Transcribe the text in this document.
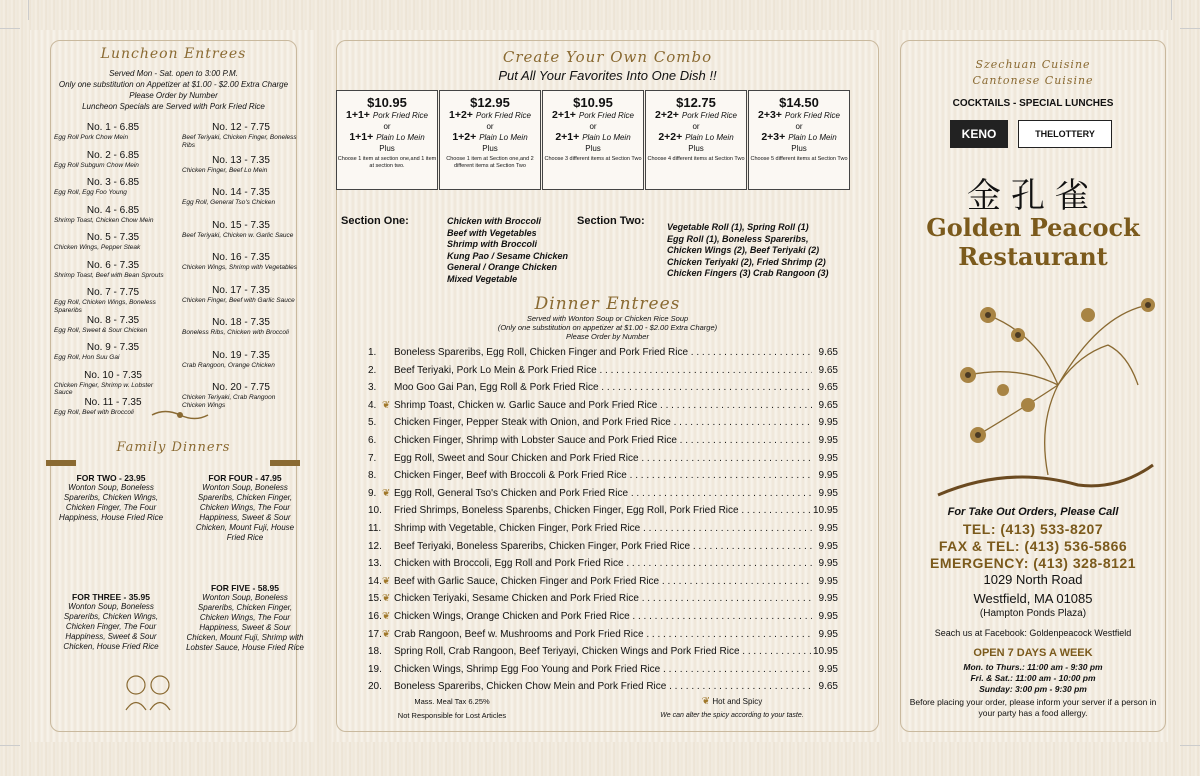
Luncheon Entrees
Served Mon - Sat. open to 3:00 P.M.
Only one substitution on Appetizer at $1.00 - $2.00 Extra Charge
Please Order by Number
Luncheon Specials are Served with Pork Fried Rice
No. 1 - 6.85
Egg Roll Pork Chow Mein
No. 2 - 6.85
Egg Roll Subgum Chow Mein
No. 3 - 6.85
Egg Roll, Egg Foo Young
No. 4 - 6.85
Shrimp Toast, Chicken Chow Mein
No. 5 - 7.35
Chicken Wings, Pepper Steak
No. 6 - 7.35
Shrimp Toast, Beef with Bean Sprouts
No. 7 - 7.75
Egg Roll, Chicken Wings, Boneless Spareribs
No. 8 - 7.35
Egg Roll, Sweet & Sour Chicken
No. 9 - 7.35
Egg Roll, Hon Suu Gai
No. 10 - 7.35
Chicken Finger, Shrimp w. Lobster Sauce
No. 11 - 7.35
Egg Roll, Beef with Broccoli
No. 12 - 7.75
Beef Teriyaki, Chicken Finger, Boneless Ribs
No. 13 - 7.35
Chicken Finger, Beef Lo Mein
No. 14 - 7.35
Egg Roll, General Tso's Chicken
No. 15 - 7.35
Beef Teriyaki, Chicken w. Garlic Sauce
No. 16 - 7.35
Chicken Wings, Shrimp with Vegetables
No. 17 - 7.35
Chicken Finger, Beef with Garlic Sauce
No. 18 - 7.35
Boneless Ribs, Chicken with Broccoli
No. 19 - 7.35
Crab Rangoon, Orange Chicken
No. 20 - 7.75
Chicken Teriyaki, Crab Rangoon Chicken Wings
Family Dinners
FOR TWO - 23.95

Wonton Soup, Boneless Spareribs, Chicken Wings, Chicken Finger, The Four Happiness, House Fried Rice

FOR THREE - 35.95

Wonton Soup, Boneless Spareribs, Chicken Wings, Chicken Finger, The Four Happiness, Sweet & Sour Chicken, House Fried Rice

FOR FOUR - 47.95

Wonton Soup, Boneless Spareribs, Chicken Finger, Chicken Wings, The Four Happiness, Sweet & Sour Chicken, Mount Fuji, House Fried Rice

FOR FIVE - 58.95

Wonton Soup, Boneless Spareribs, Chicken Finger, Chicken Wings, The Four Happiness, Sweet & Sour Chicken, Mount Fuji, Shrimp with Lobster Sauce, House Fried Rice

Create Your Own Combo
Put All Your Favorites Into One Dish !!
$10.95
1+1+ Pork Fried Rice
or
1+1+ Plain Lo Mein
Plus
Choose 1 item at section one,and 1 item at section two.
$12.95
1+2+ Pork Fried Rice
or
1+2+ Plain Lo Mein
Plus
Choose 1 item at Section one,and 2 different items at Section Two
$10.95
2+1+ Pork Fried Rice
or
2+1+ Plain Lo Mein
Plus
Choose 3 different items at Section Two
$12.75
2+2+ Pork Fried Rice
or
2+2+ Plain Lo Mein
Plus
Choose 4 different items at Section Two
$14.50
2+3+ Pork Fried Rice
or
2+3+ Plain Lo Mein
Plus
Choose 5 different items at Section Two
Section One:	Chicken with Broccoli
Beef with Vegetables
Shrimp with Broccoli
Kung Pao / Sesame Chicken
General / Orange Chicken
Mixed Vegetable
Section Two: Vegetable Roll (1), Spring Roll (1)
Egg Roll (1), Boneless Spareribs,
Chicken Wings (2), Beef Teriyaki (2)
Chicken Teriyaki (2), Fried Shrimp (2)
Chicken Fingers (3) Crab Rangoon (3)
Dinner Entrees
Served with Wonton Soup or Chicken Rice Soup
(Only one substitution on appetizer at $1.00 - $2.00 Extra Charge)
Please Order by Number
1.	Boneless Spareribs, Egg Roll, Chicken Finger and Pork Fried Rice . . .	9.65
2.	Beef Teriyaki, Pork Lo Mein & Pork Fried Rice . . .	9.65
3.	Moo Goo Gai Pan, Egg Roll & Pork Fried Rice . . .	9.65
4. ❦ Shrimp Toast, Chicken w. Garlic Sauce and Pork Fried Rice . . .	9.65
5.	Chicken Finger, Pepper Steak with Onion, and Pork Fried Rice . . .	9.95
6.	Chicken Finger, Shrimp with Lobster Sauce and Pork Fried Rice . . .	9.95
7.	Egg Roll, Sweet and Sour Chicken and Pork Fried Rice . . .	9.95
8.	Chicken Finger, Beef with Broccoli & Pork Fried Rice . . .	9.95
9. ❦ Egg Roll, General Tso's Chicken and Pork Fried Rice . . .	9.95
10.	Fried Shrimps, Boneless Sparenbs, Chicken Finger, Egg Roll, Pork Fried Rice . . .	10.95
11.	Shrimp with Vegetable, Chicken Finger, Pork Fried Rice . . .	9.95
12.	Beef Teriyaki, Boneless Spareribs, Chicken Finger, Pork Fried Rice . . .	9.95
13.	Chicken with Broccoli, Egg Roll and Pork Fried Rice . . .	9.95
14. ❦ Beef with Garlic Sauce, Chicken Finger and Pork Fried Rice . . .	9.95
15. ❦ Chicken Teriyaki, Sesame Chicken and Pork Fried Rice . . .	9.95
16. ❦ Chicken Wings, Orange Chicken and Pork Fried Rice . . .	9.95
17. ❦ Crab Rangoon, Beef w. Mushrooms and Pork Fried Rice . . .	9.95
18.	Spring Roll, Crab Rangoon, Beef Teriyayi, Chicken Wings and Pork Fried Rice . . .	10.95
19.	Chicken Wings, Shrimp Egg Foo Young and Pork Fried Rice . . .	9.95
20.	Boneless Spareribs, Chicken Chow Mein and Pork Fried Rice . . .	9.65
Mass. Meal Tax 6.25%
Not Responsible for Lost Articles
❦ Hot and Spicy
We can alter the spicy according to your taste.
Szechuan Cuisine
Cantonese Cuisine
COCKTAILS - SPECIAL LUNCHES
KENO	THELOTTERY
金孔雀
Golden Peacock
Restaurant
For Take Out Orders, Please Call
TEL: (413) 533-8207
FAX & TEL: (413) 536-5866
EMERGENCY: (413) 328-8121
1029 North Road
Westfield, MA 01085
(Hampton Ponds Plaza)
Seach us at Facebook: Goldenpeacock Westfield
OPEN 7 DAYS A WEEK
Mon. to Thurs.: 11:00 am - 9:30 pm
Fri. & Sat.: 11:00 am - 10:00 pm
Sunday: 3:00 pm - 9:30 pm
Before placing your order, please inform your server if a person in your party has a food allergy.
